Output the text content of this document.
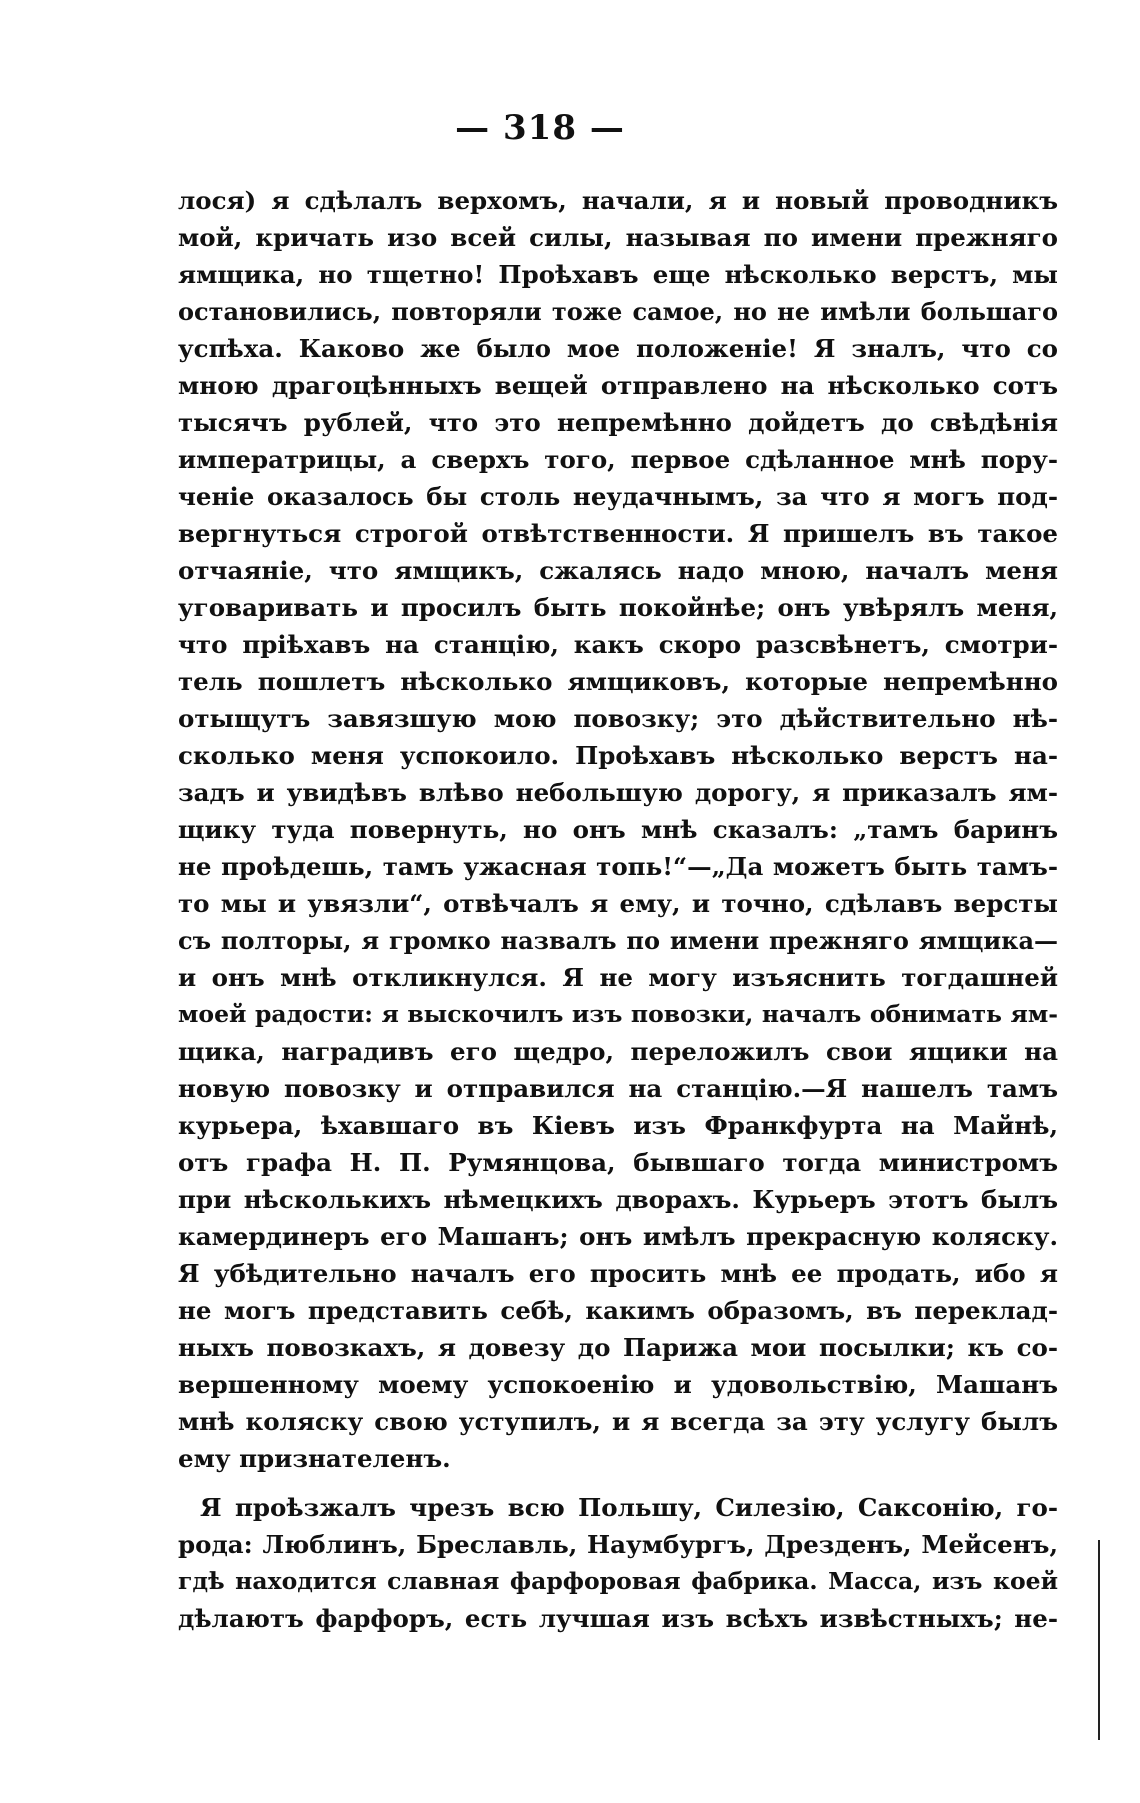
— 318 —
лося) я сдѣлалъ верхомъ, начали, я и новый проводникъ
мой, кричать изо всей силы, называя по имени прежняго
ямщика, но тщетно! Проѣхавъ еще нѣсколько верстъ, мы
остановились, повторяли тоже самое, но не имѣли большаго
успѣха. Каково же было мое положеніе! Я зналъ, что со
мною драгоцѣнныхъ вещей отправлено на нѣсколько сотъ
тысячъ рублей, что это непремѣнно дойдетъ до свѣдѣнія
императрицы, а сверхъ того, первое сдѣланное мнѣ пору-
ченіе оказалось бы столь неудачнымъ, за что я могъ под-
вергнуться строгой отвѣтственности. Я пришелъ въ такое
отчаяніе, что ямщикъ, сжалясь надо мною, началъ меня
уговаривать и просилъ быть покойнѣе; онъ увѣрялъ меня,
что пріѣхавъ на станцію, какъ скоро разсвѣнетъ, смотри-
тель пошлетъ нѣсколько ямщиковъ, которые непремѣнно
отыщутъ завязшую мою повозку; это дѣйствительно нѣ-
сколько меня успокоило. Проѣхавъ нѣсколько верстъ на-
задъ и увидѣвъ влѣво небольшую дорогу, я приказалъ ям-
щику туда повернуть, но онъ мнѣ сказалъ: „тамъ баринъ
не проѣдешь, тамъ ужасная топь!“—„Да можетъ быть тамъ-
то мы и увязли“, отвѣчалъ я ему, и точно, сдѣлавъ версты
съ полторы, я громко назвалъ по имени прежняго ямщика—
и онъ мнѣ откликнулся. Я не могу изъяснить тогдашней
моей радости: я выскочилъ изъ повозки, началъ обнимать ям-
щика, наградивъ его щедро, переложилъ свои ящики на
новую повозку и отправился на станцію.—Я нашелъ тамъ
курьера, ѣхавшаго въ Кіевъ изъ Франкфурта на Майнѣ,
отъ графа Н. П. Румянцова, бывшаго тогда министромъ
при нѣсколькихъ нѣмецкихъ дворахъ. Курьеръ этотъ былъ
камердинеръ его Машанъ; онъ имѣлъ прекрасную коляску.
Я убѣдительно началъ его просить мнѣ ее продать, ибо я
не могъ представить себѣ, какимъ образомъ, въ переклад-
ныхъ повозкахъ, я довезу до Парижа мои посылки; къ со-
вершенному моему успокоенію и удовольствію, Машанъ
мнѣ коляску свою уступилъ, и я всегда за эту услугу былъ
ему признателенъ.
Я проѣзжалъ чрезъ всю Польшу, Силезію, Саксонію, го-
рода: Люблинъ, Бреславль, Наумбургъ, Дрезденъ, Мейсенъ,
гдѣ находится славная фарфоровая фабрика. Масса, изъ коей
дѣлаютъ фарфоръ, есть лучшая изъ всѣхъ извѣстныхъ; не-
